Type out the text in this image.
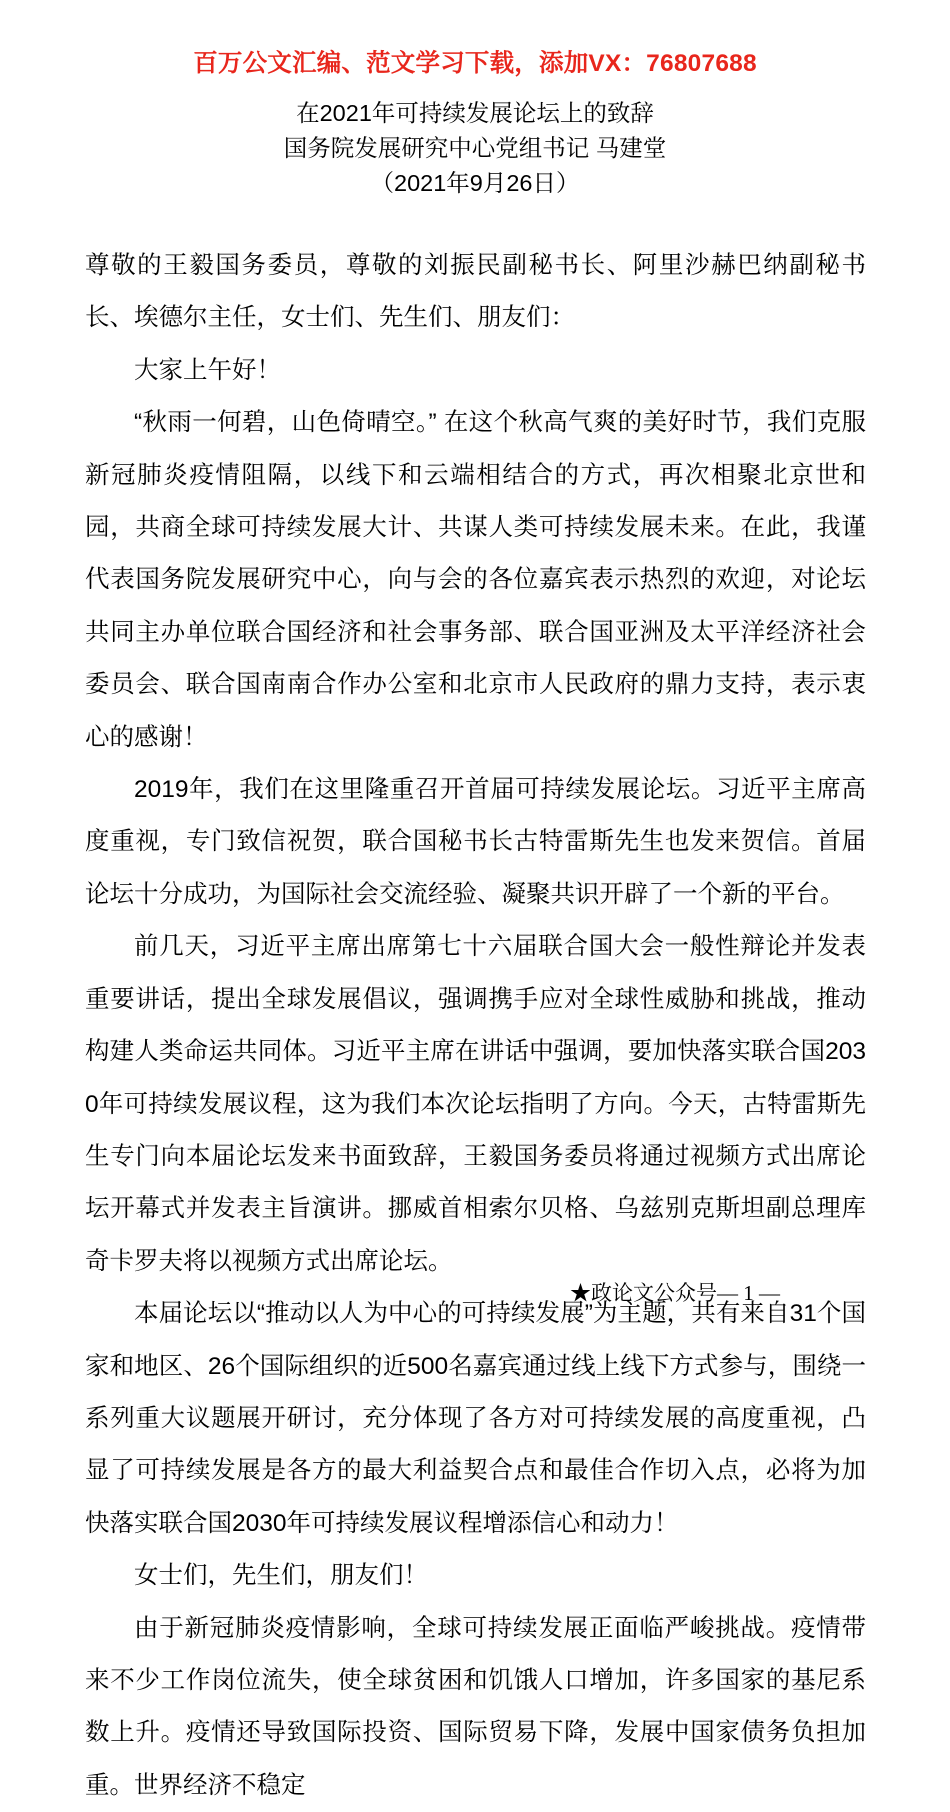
百万公文汇编、范文学习下载，添加VX：76807688
在2021年可持续发展论坛上的致辞
国务院发展研究中心党组书记 马建堂
（2021年9月26日）

尊敬的王毅国务委员，尊敬的刘振民副秘书长、阿里沙赫巴纳副秘书长、埃德尔主任，女士们、先生们、朋友们：

大家上午好！

“秋雨一何碧，山色倚晴空。” 在这个秋高气爽的美好时节，我们克服新冠肺炎疫情阻隔，以线下和云端相结合的方式，再次相聚北京世和园，共商全球可持续发展大计、共谋人类可持续发展未来。在此，我谨代表国务院发展研究中心，向与会的各位嘉宾表示热烈的欢迎，对论坛共同主办单位联合国经济和社会事务部、联合国亚洲及太平洋经济社会委员会、联合国南南合作办公室和北京市人民政府的鼎力支持，表示衷心的感谢！

2019年，我们在这里隆重召开首届可持续发展论坛。习近平主席高度重视，专门致信祝贺，联合国秘书长古特雷斯先生也发来贺信。首届论坛十分成功，为国际社会交流经验、凝聚共识开辟了一个新的平台。

前几天，习近平主席出席第七十六届联合国大会一般性辩论并发表重要讲话，提出全球发展倡议，强调携手应对全球性威胁和挑战，推动构建人类命运共同体。习近平主席在讲话中强调，要加快落实联合国2030年可持续发展议程，这为我们本次论坛指明了方向。今天，古特雷斯先生专门向本届论坛发来书面致辞，王毅国务委员将通过视频方式出席论坛开幕式并发表主旨演讲。挪威首相索尔贝格、乌兹别克斯坦副总理库奇卡罗夫将以视频方式出席论坛。

本届论坛以“推动以人为中心的可持续发展”为主题，共有来自31个国家和地区、26个国际组织的近500名嘉宾通过线上线下方式参与，围绕一系列重大议题展开研讨，充分体现了各方对可持续发展的高度重视，凸显了可持续发展是各方的最大利益契合点和最佳合作切入点，必将为加快落实联合国2030年可持续发展议程增添信心和动力！

女士们，先生们，朋友们！

由于新冠肺炎疫情影响，全球可持续发展正面临严峻挑战。疫情带来不少工作岗位流失，使全球贫困和饥饿人口增加，许多国家的基尼系数上升。疫情还导致国际投资、国际贸易下降，发展中国家债务负担加重。世界经济不稳定

★政论文公众号— 1 —
